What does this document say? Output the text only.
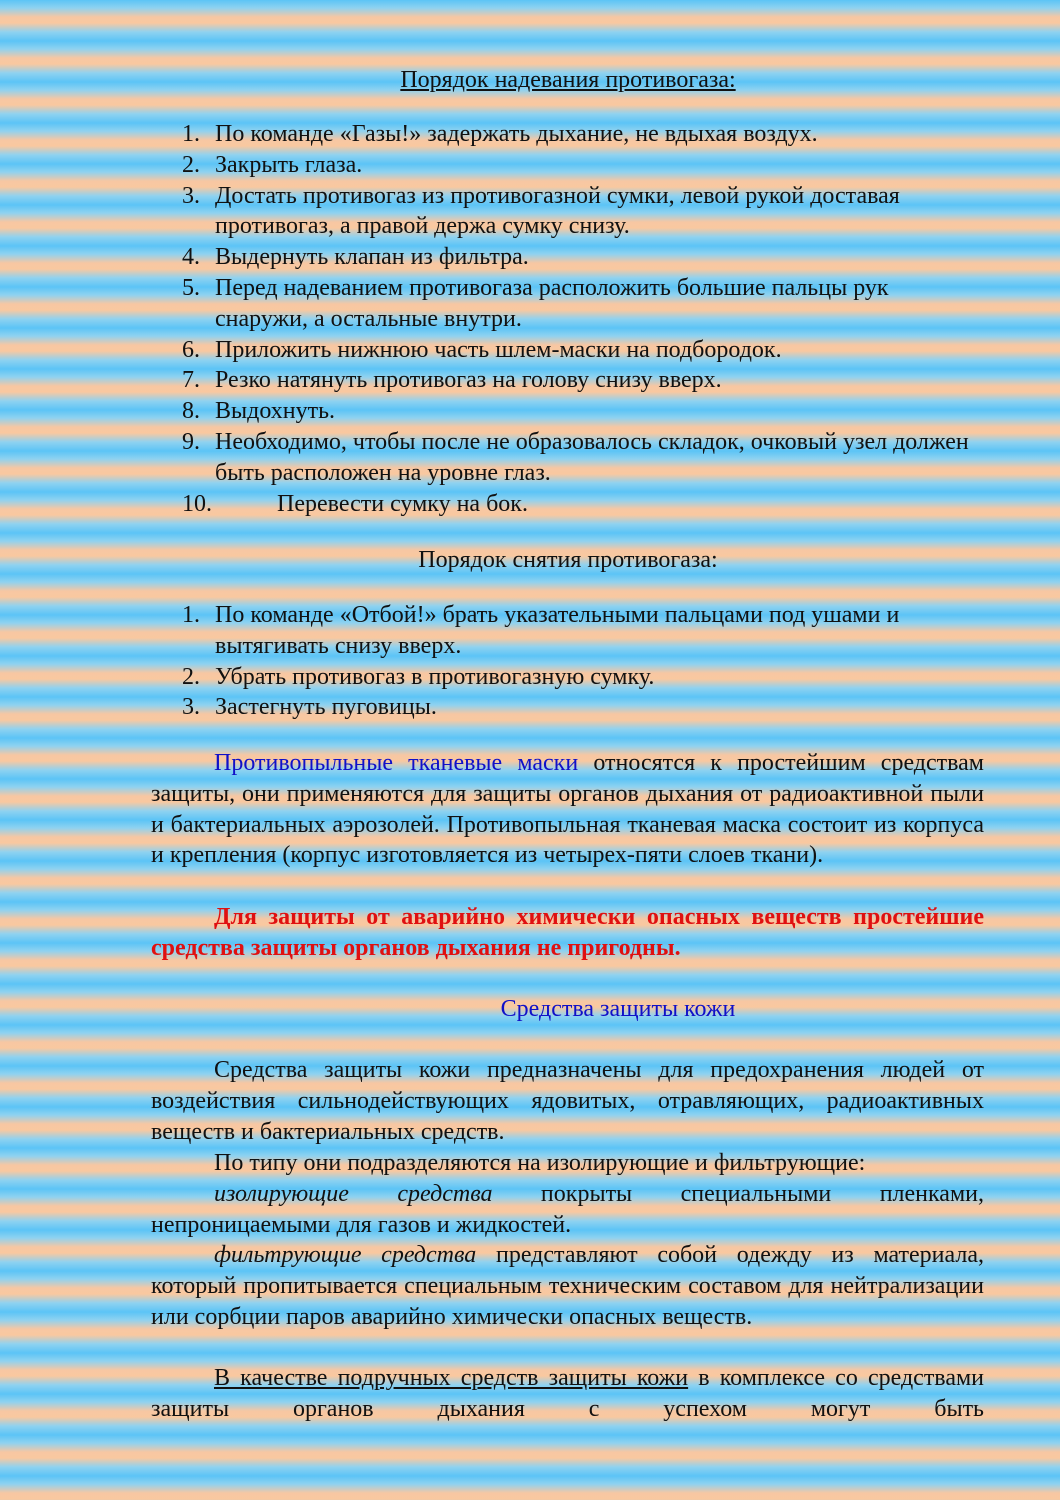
Порядок надевания противогаза:
1. По команде «Газы!» задержать дыхание, не вдыхая воздух.
2. Закрыть глаза.
3. Достать противогаз из противогазной сумки, левой рукой доставая противогаз, а правой держа сумку снизу.
4. Выдернуть клапан из фильтра.
5. Перед надеванием противогаза расположить большие пальцы рук снаружи, а остальные внутри.
6. Приложить нижнюю часть шлем-маски на подбородок.
7. Резко натянуть противогаз на голову снизу вверх.
8. Выдохнуть.
9. Необходимо, чтобы после не образовалось складок, очковый узел должен быть расположен на уровне глаз.
10.	Перевести сумку на бок.
Порядок снятия противогаза:
1. По команде «Отбой!» брать указательными пальцами под ушами и вытягивать снизу вверх.
2. Убрать противогаз в противогазную сумку.
3. Застегнуть пуговицы.

Противопыльные тканевые маски относятся к простейшим средствам защиты, они применяются для защиты органов дыхания от радиоактивной пыли и бактериальных аэрозолей. Противопыльная тканевая маска состоит из корпуса и крепления (корпус изготовляется из четырех-пяти слоев ткани).

Для защиты от аварийно химически опасных веществ простейшие средства защиты органов дыхания не пригодны.

Средства защиты кожи

Средства защиты кожи предназначены для предохранения людей от воздействия сильнодействующих ядовитых, отравляющих, радиоактивных веществ и бактериальных средств.

По типу они подразделяются на изолирующие и фильтрующие:

изолирующие средства покрыты специальными пленками, непроницаемыми для газов и жидкостей.

фильтрующие средства представляют собой одежду из материала, который пропитывается специальным техническим составом для нейтрализации или сорбции паров аварийно химически опасных веществ.

В качестве подручных средств защиты кожи в комплексе со средствами защиты органов дыхания с успехом могут быть
